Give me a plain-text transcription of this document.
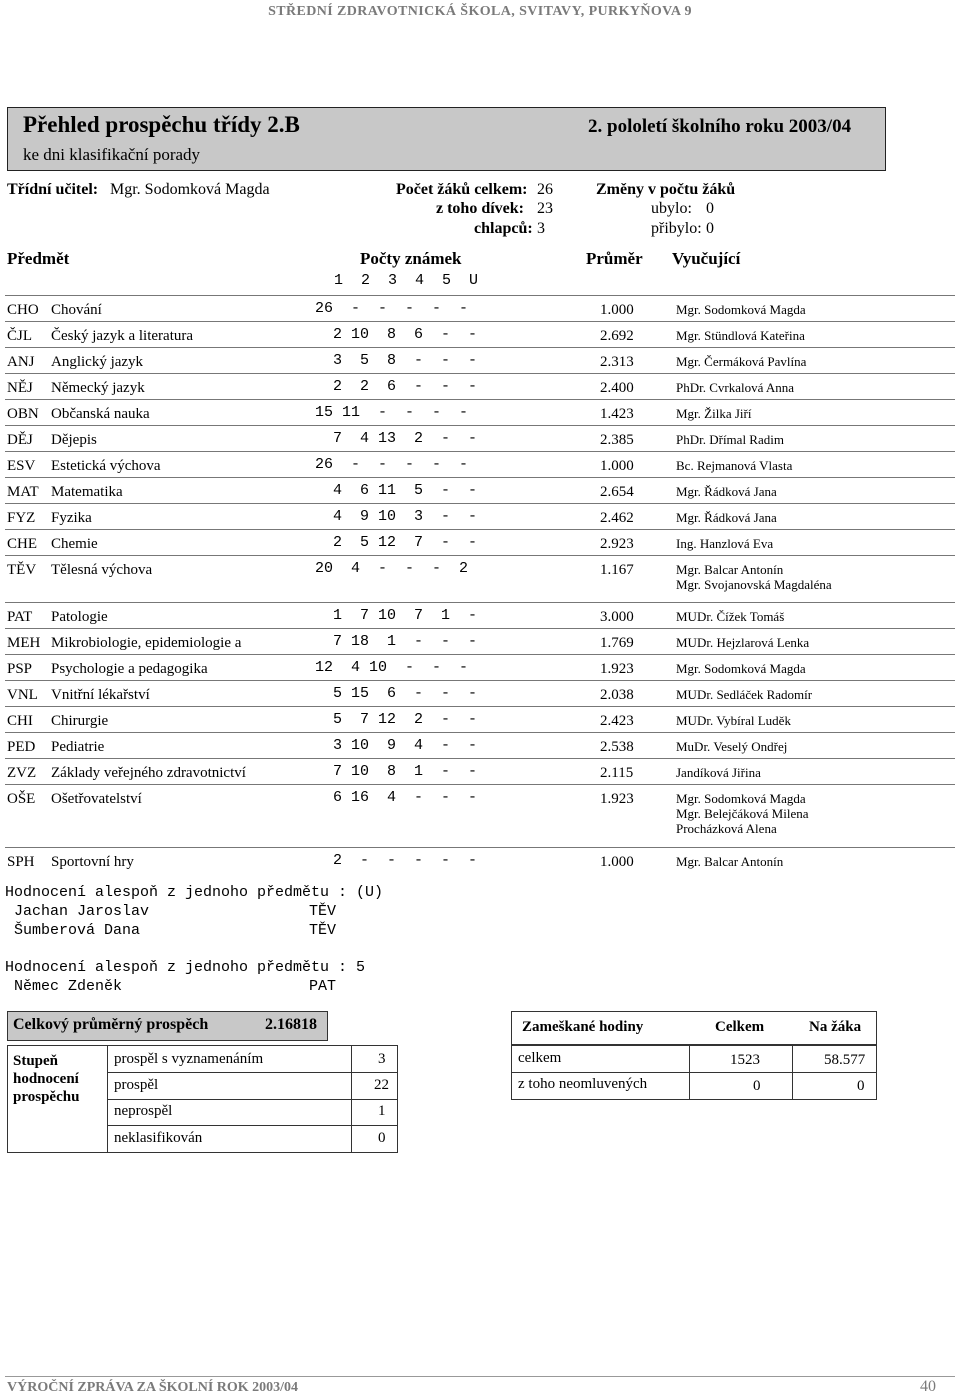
STŘEDNÍ ZDRAVOTNICKÁ ŠKOLA, SVITAVY, PURKYŇOVA 9
Přehled prospěchu třídy 2.B	2. pololetí školního roku 2003/04
ke dni klasifikační porady
Třídní učitel: Mgr. Sodomková Magda	Počet žáků celkem: 26
z toho dívek: 23
chlapců: 3
Změny v počtu žáků
ubylo: 0
přibylo: 0
Předmět	Počty známek
1  2  3  4  5  U
Průměr Vyučující
CHO Chování	26  -  -  -  -  -	1.000	Mgr. Sodomková Magda
ČJL Český jazyk a literatura	2 10  8  6  -  -	2.692	Mgr. Stündlová Kateřina
ANJ Anglický jazyk	3  5  8  -  -  -	2.313	Mgr. Čermáková Pavlína
NĚJ Německý jazyk	2  2  6  -  -  -	2.400	PhDr. Cvrkalová Anna
OBN Občanská nauka	15 11  -  -  -  -	1.423	Mgr. Žilka Jiří
DĚJ Dějepis	7  4 13  2  -  -	2.385	PhDr. Dřímal Radim
ESV Estetická výchova	26  -  -  -  -  -	1.000	Bc. Rejmanová Vlasta
MAT Matematika	4  6 11  5  -  -	2.654	Mgr. Řádková Jana
FYZ Fyzika	4  9 10  3  -  -	2.462	Mgr. Řádková Jana
CHE Chemie	2  5 12  7  -  -	2.923	Ing. Hanzlová Eva
TĚV Tělesná výchova	20  4  -  -  -  2	1.167	Mgr. Balcar Antonín
Mgr. Svojanovská Magdaléna
PAT Patologie	1  7 10  7  1  -	3.000	MUDr. Čížek Tomáš
MEH Mikrobiologie, epidemiologie a	7 18  1  -  -  -	1.769	MUDr. Hejzlarová Lenka
PSP Psychologie a pedagogika	12  4 10  -  -  -	1.923	Mgr. Sodomková Magda
VNL Vnitřní lékařství	5 15  6  -  -  -	2.038	MUDr. Sedláček Radomír
CHI Chirurgie	5  7 12  2  -  -	2.423	MUDr. Vybíral Luděk
PED Pediatrie	3 10  9  4  -  -	2.538	MuDr. Veselý Ondřej
ZVZ Základy veřejného zdravotnictví	7 10  8  1  -  -	2.115	Jandíková Jiřina
OŠE Ošetřovatelství	6 16  4  -  -  -	1.923	Mgr. Sodomková Magda
Mgr. Belejčáková Milena
Procházková Alena
SPH Sportovní hry	2  -  -  -  -  -	1.000	Mgr. Balcar Antonín
Hodnocení alespoň z jednoho předmětu : (U)
Jachan Jaroslav	TĚV
Šumberová Dana	TĚV
Hodnocení alespoň z jednoho předmětu : 5
Němec Zdeněk	PAT
Celkový průměrný prospěch	2.16818
Stupeň hodnocení prospěchu
prospěl s vyznamenáním	3
prospěl	22
neprospěl	1
neklasifikován	0
Zameškané hodiny	Celkem	Na žáka
celkem	1523	58.577
z toho neomluvených	0	0
VÝROČNÍ ZPRÁVA ZA ŠKOLNÍ ROK 2003/04	40
